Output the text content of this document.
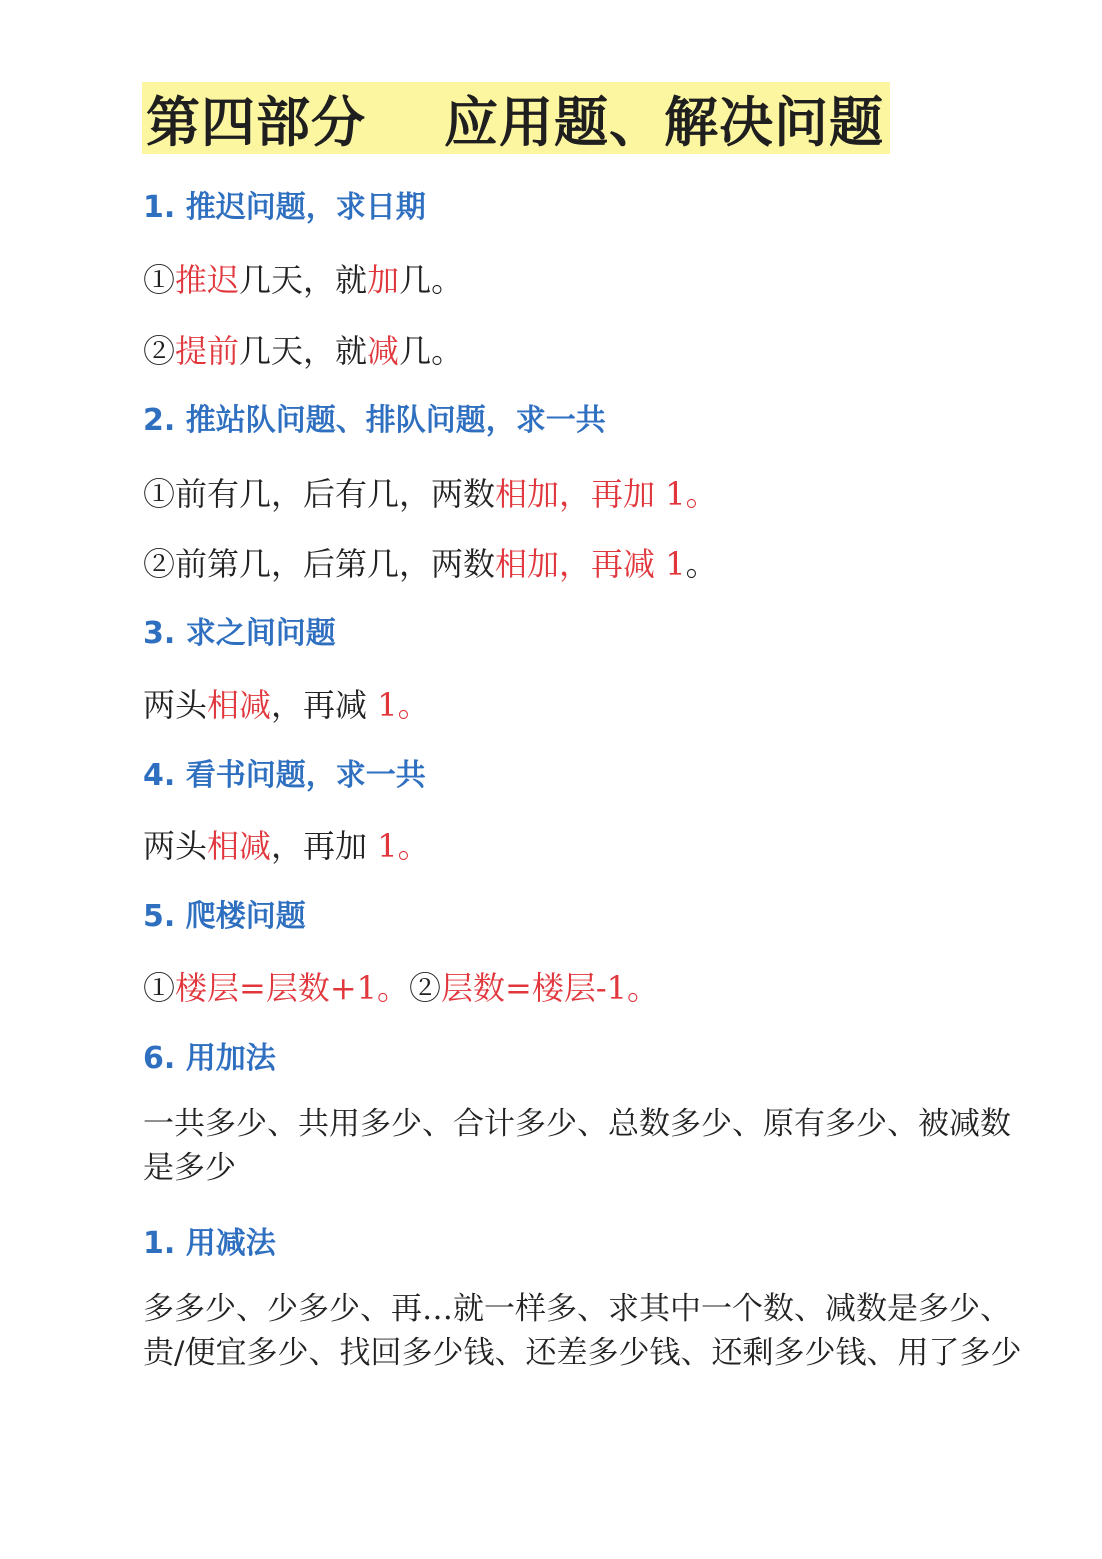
第四部分 应用题、解决问题
1. 推迟问题，求日期
①推迟几天，就加几。
②提前几天，就减几。
2. 推站队问题、排队问题，求一共
①前有几，后有几，两数相加，再加 1。
②前第几，后第几，两数相加，再减 1。
3. 求之间问题
两头相减，再减 1。
4. 看书问题，求一共
两头相减，再加 1。
5. 爬楼问题
①楼层=层数+1。②层数=楼层-1。
6. 用加法
一共多少、共用多少、合计多少、总数多少、原有多少、被减数是多少
1. 用减法
多多少、少多少、再…就一样多、求其中一个数、减数是多少、贵/便宜多少、找回多少钱、还差多少钱、还剩多少钱、用了多少
